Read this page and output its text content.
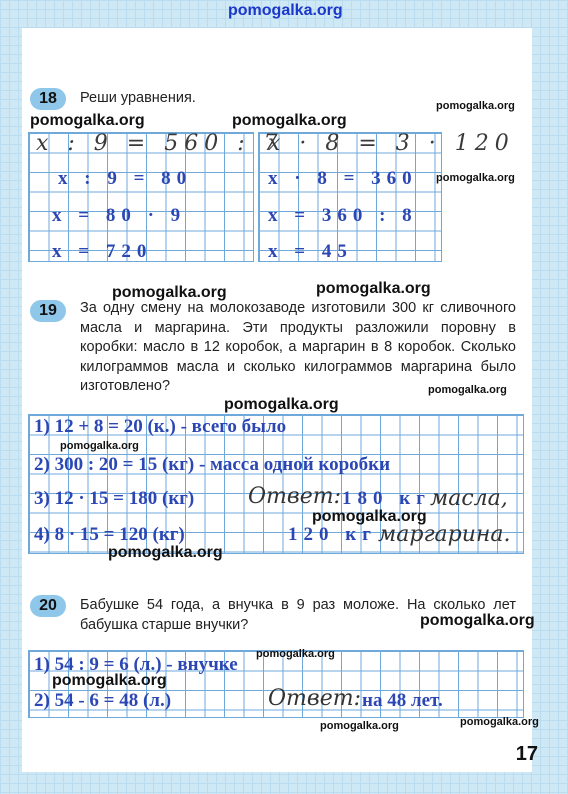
pomogalka.org
18	Реши уравнения.
x : 9 = 560 : 7
x : 9 = 80
x = 80 · 9
x = 720
x · 8 = 3 · 120
x · 8 = 360
x = 360 : 8
x = 45
19	За одну смену на молокозаводе изготовили 300 кг сливочного масла и маргарина. Эти продукты разложили поровну в коробки: масло в 12 коробок, а маргарин в 8 коробок. Сколько килограммов масла и сколько килограммов маргарина было изготовлено?
1) 12 + 8 = 20 (к.) - всего было
2) 300 : 20 = 15 (кг) - масса одной коробки
3) 12 · 15 = 180 (кг)
4) 8 · 15 = 120 (кг)
Ответ: 180 кг масла,
120 кг маргарина.
20	Бабушке 54 года, а внучка в 9 раз моложе. На сколько лет бабушка старше внучки?
1) 54 : 9 = 6 (л.) - внучке
2) 54 - 6 = 48 (л.)	Ответ: на 48 лет.
17
pomogalka.org	pomogalka.org
pomogalka.org
pomogalka.org
pomogalka.org	pomogalka.org
pomogalka.org
pomogalka.org
pomogalka.org
pomogalka.org
pomogalka.org
pomogalka.org
pomogalka.org
pomogalka.org
pomogalka.org	pomogalka.org
